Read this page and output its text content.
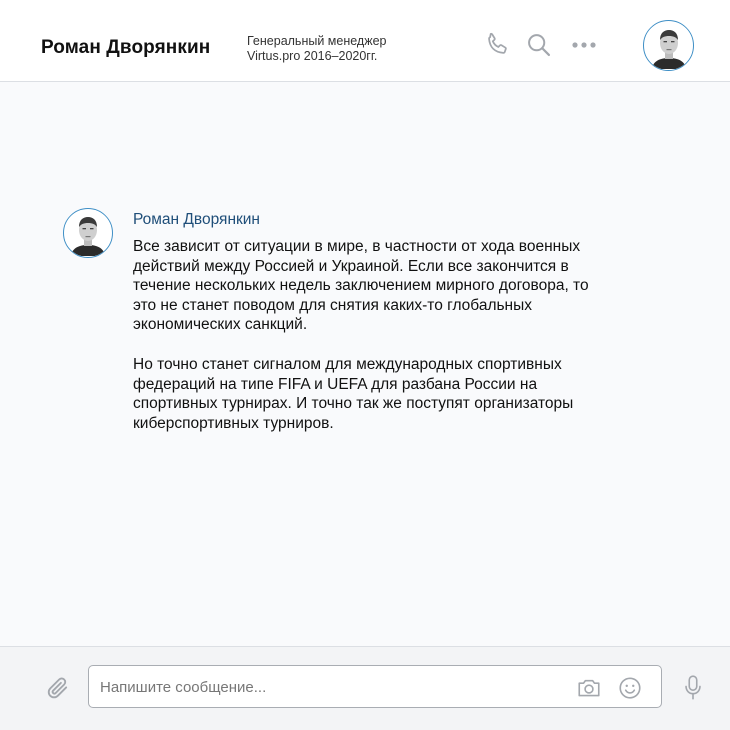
Роман Дворянкин	Генеральный менеджер
Virtus.pro 2016–2020гг.
Роман Дворянкин

Все зависит от ситуации в мире, в частности от хода военных действий между Россией и Украиной. Если все закончится в течение нескольких недель заключением мирного договора, то это не станет поводом для снятия каких-то глобальных экономических санкций.

Но точно станет сигналом для международных спортивных федераций на типе FIFA и UEFA для разбана России на спортивных турнирах. И точно так же поступят организаторы киберспортивных турниров.

Напишите сообщение...
